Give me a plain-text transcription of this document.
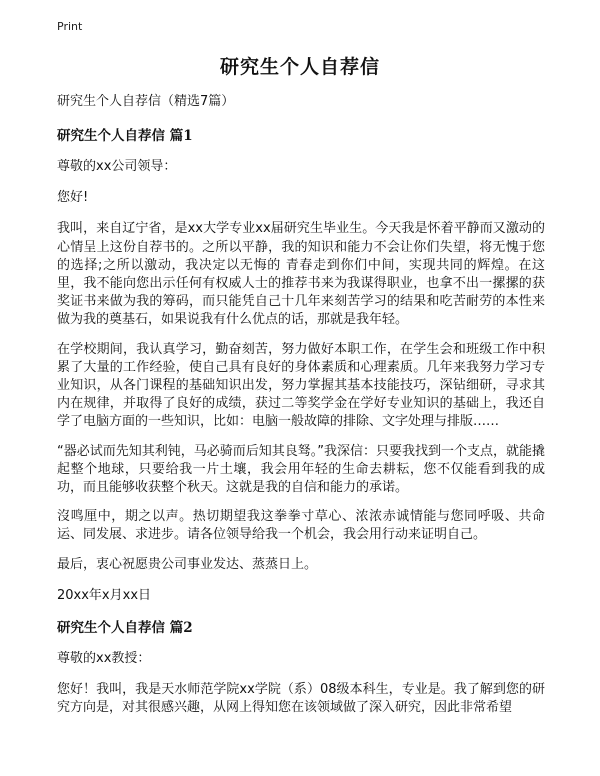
Print
研究生个人自荐信
研究生个人自荐信（精选7篇）
研究生个人自荐信 篇1

尊敬的xx公司领导：

您好!

我叫，来自辽宁省，是xx大学专业xx届研究生毕业生。今天我是怀着平静而又激动的心情呈上这份自荐书的。之所以平静，我的知识和能力不会让你们失望，将无愧于您的选择;之所以激动，我决定以无悔的 青春走到你们中间，实现共同的辉煌。在这里，我不能向您出示任何有权威人士的推荐书来为我谋得职业，也拿不出一摞摞的获奖证书来做为我的筹码，而只能凭自己十几年来刻苦学习的结果和吃苦耐劳的本性来做为我的奠基石，如果说我有什么优点的话，那就是我年轻。

在学校期间，我认真学习，勤奋刻苦，努力做好本职工作，在学生会和班级工作中积累了大量的工作经验，使自己具有良好的身体素质和心理素质。几年来我努力学习专业知识，从各门课程的基础知识出发，努力掌握其基本技能技巧，深钻细研，寻求其内在规律，并取得了良好的成绩，获过二等奖学金在学好专业知识的基础上，我还自学了电脑方面的一些知识，比如：电脑一般故障的排除、文字处理与排版……

“器必试而先知其利钝，马必骑而后知其良驽。”我深信：只要我找到一个支点，就能撬起整个地球，只要给我一片土壤，我会用年轻的生命去耕耘，您不仅能看到我的成功，而且能够收获整个秋天。这就是我的自信和能力的承诺。

沒鸣厘中，期之以声。热切期望我这拳拳寸草心、浓浓赤诚情能与您同呼吸、共命运、同发展、求进步。请各位领导给我一个机会，我会用行动来证明自己。

最后，衷心祝愿贵公司事业发达、蒸蒸日上。

20xx年x月xx日

研究生个人自荐信 篇2

尊敬的xx教授：

您好！我叫，我是天水师范学院xx学院（系）08级本科生，专业是。我了解到您的研究方向是，对其很感兴趣，从网上得知您在该领域做了深入研究，因此非常希望
